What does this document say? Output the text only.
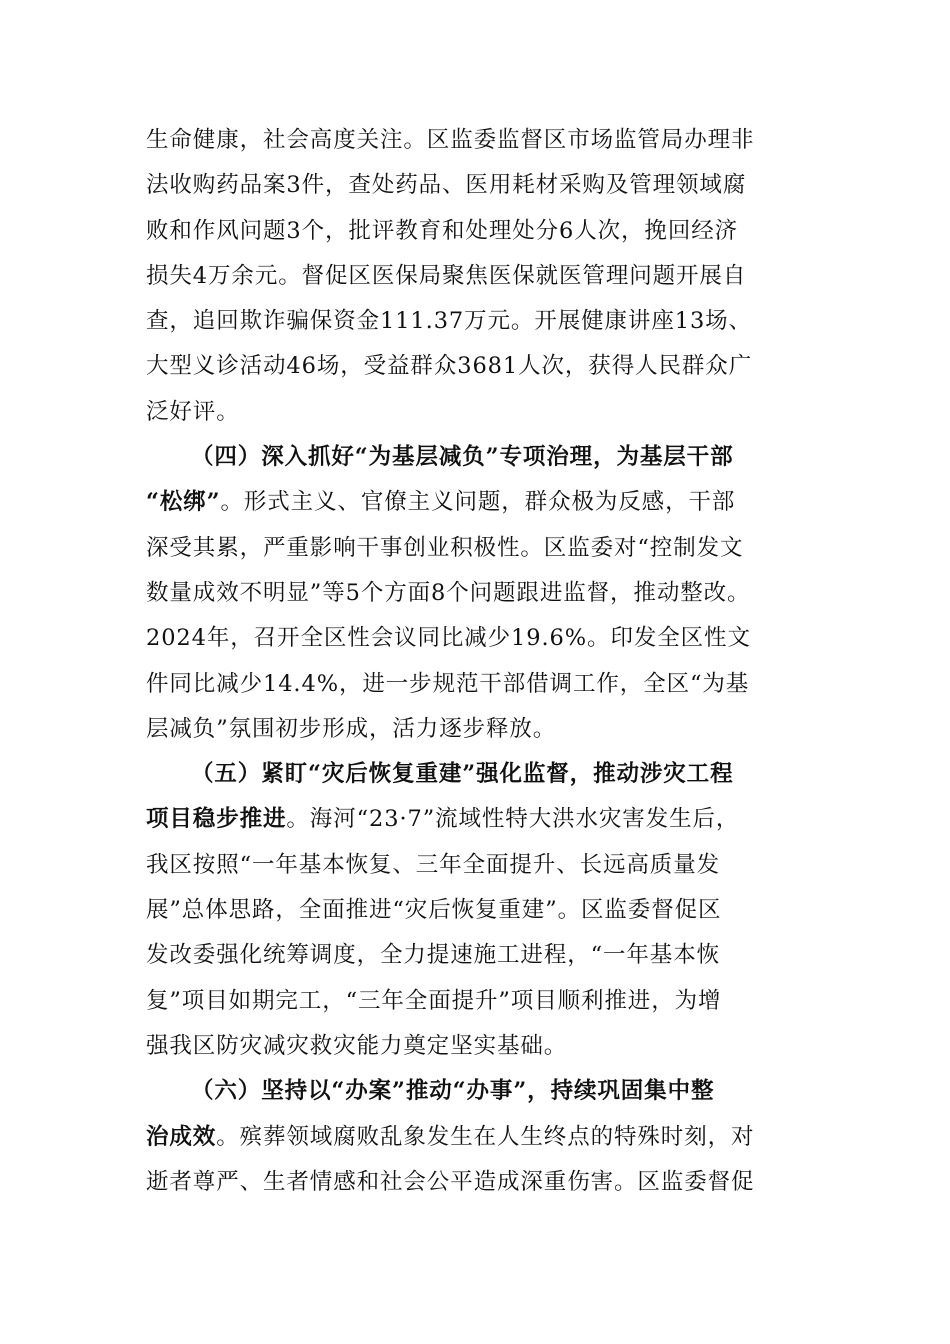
生命健康，社会高度关注。区监委监督区市场监管局办理非
法收购药品案3件，查处药品、医用耗材采购及管理领域腐
败和作风问题3个，批评教育和处理处分6人次，挽回经济
损失4万余元。督促区医保局聚焦医保就医管理问题开展自
查，追回欺诈骗保资金111.37万元。开展健康讲座13场、
大型义诊活动46场，受益群众3681人次，获得人民群众广
泛好评。
（四）深入抓好“为基层减负”专项治理，为基层干部
“松绑”。形式主义、官僚主义问题，群众极为反感，干部
深受其累，严重影响干事创业积极性。区监委对“控制发文
数量成效不明显”等5个方面8个问题跟进监督，推动整改。
2024年，召开全区性会议同比减少19.6%。印发全区性文
件同比减少14.4%，进一步规范干部借调工作，全区“为基
层减负”氛围初步形成，活力逐步释放。
（五）紧盯“灾后恢复重建”强化监督，推动涉灾工程
项目稳步推进。海河“23·7”流域性特大洪水灾害发生后，
我区按照“一年基本恢复、三年全面提升、长远高质量发
展”总体思路，全面推进“灾后恢复重建”。区监委督促区
发改委强化统筹调度，全力提速施工进程，“一年基本恢
复”项目如期完工，“三年全面提升”项目顺利推进，为增
强我区防灾减灾救灾能力奠定坚实基础。
（六）坚持以“办案”推动“办事”，持续巩固集中整
治成效。殡葬领域腐败乱象发生在人生终点的特殊时刻，对
逝者尊严、生者情感和社会公平造成深重伤害。区监委督促
